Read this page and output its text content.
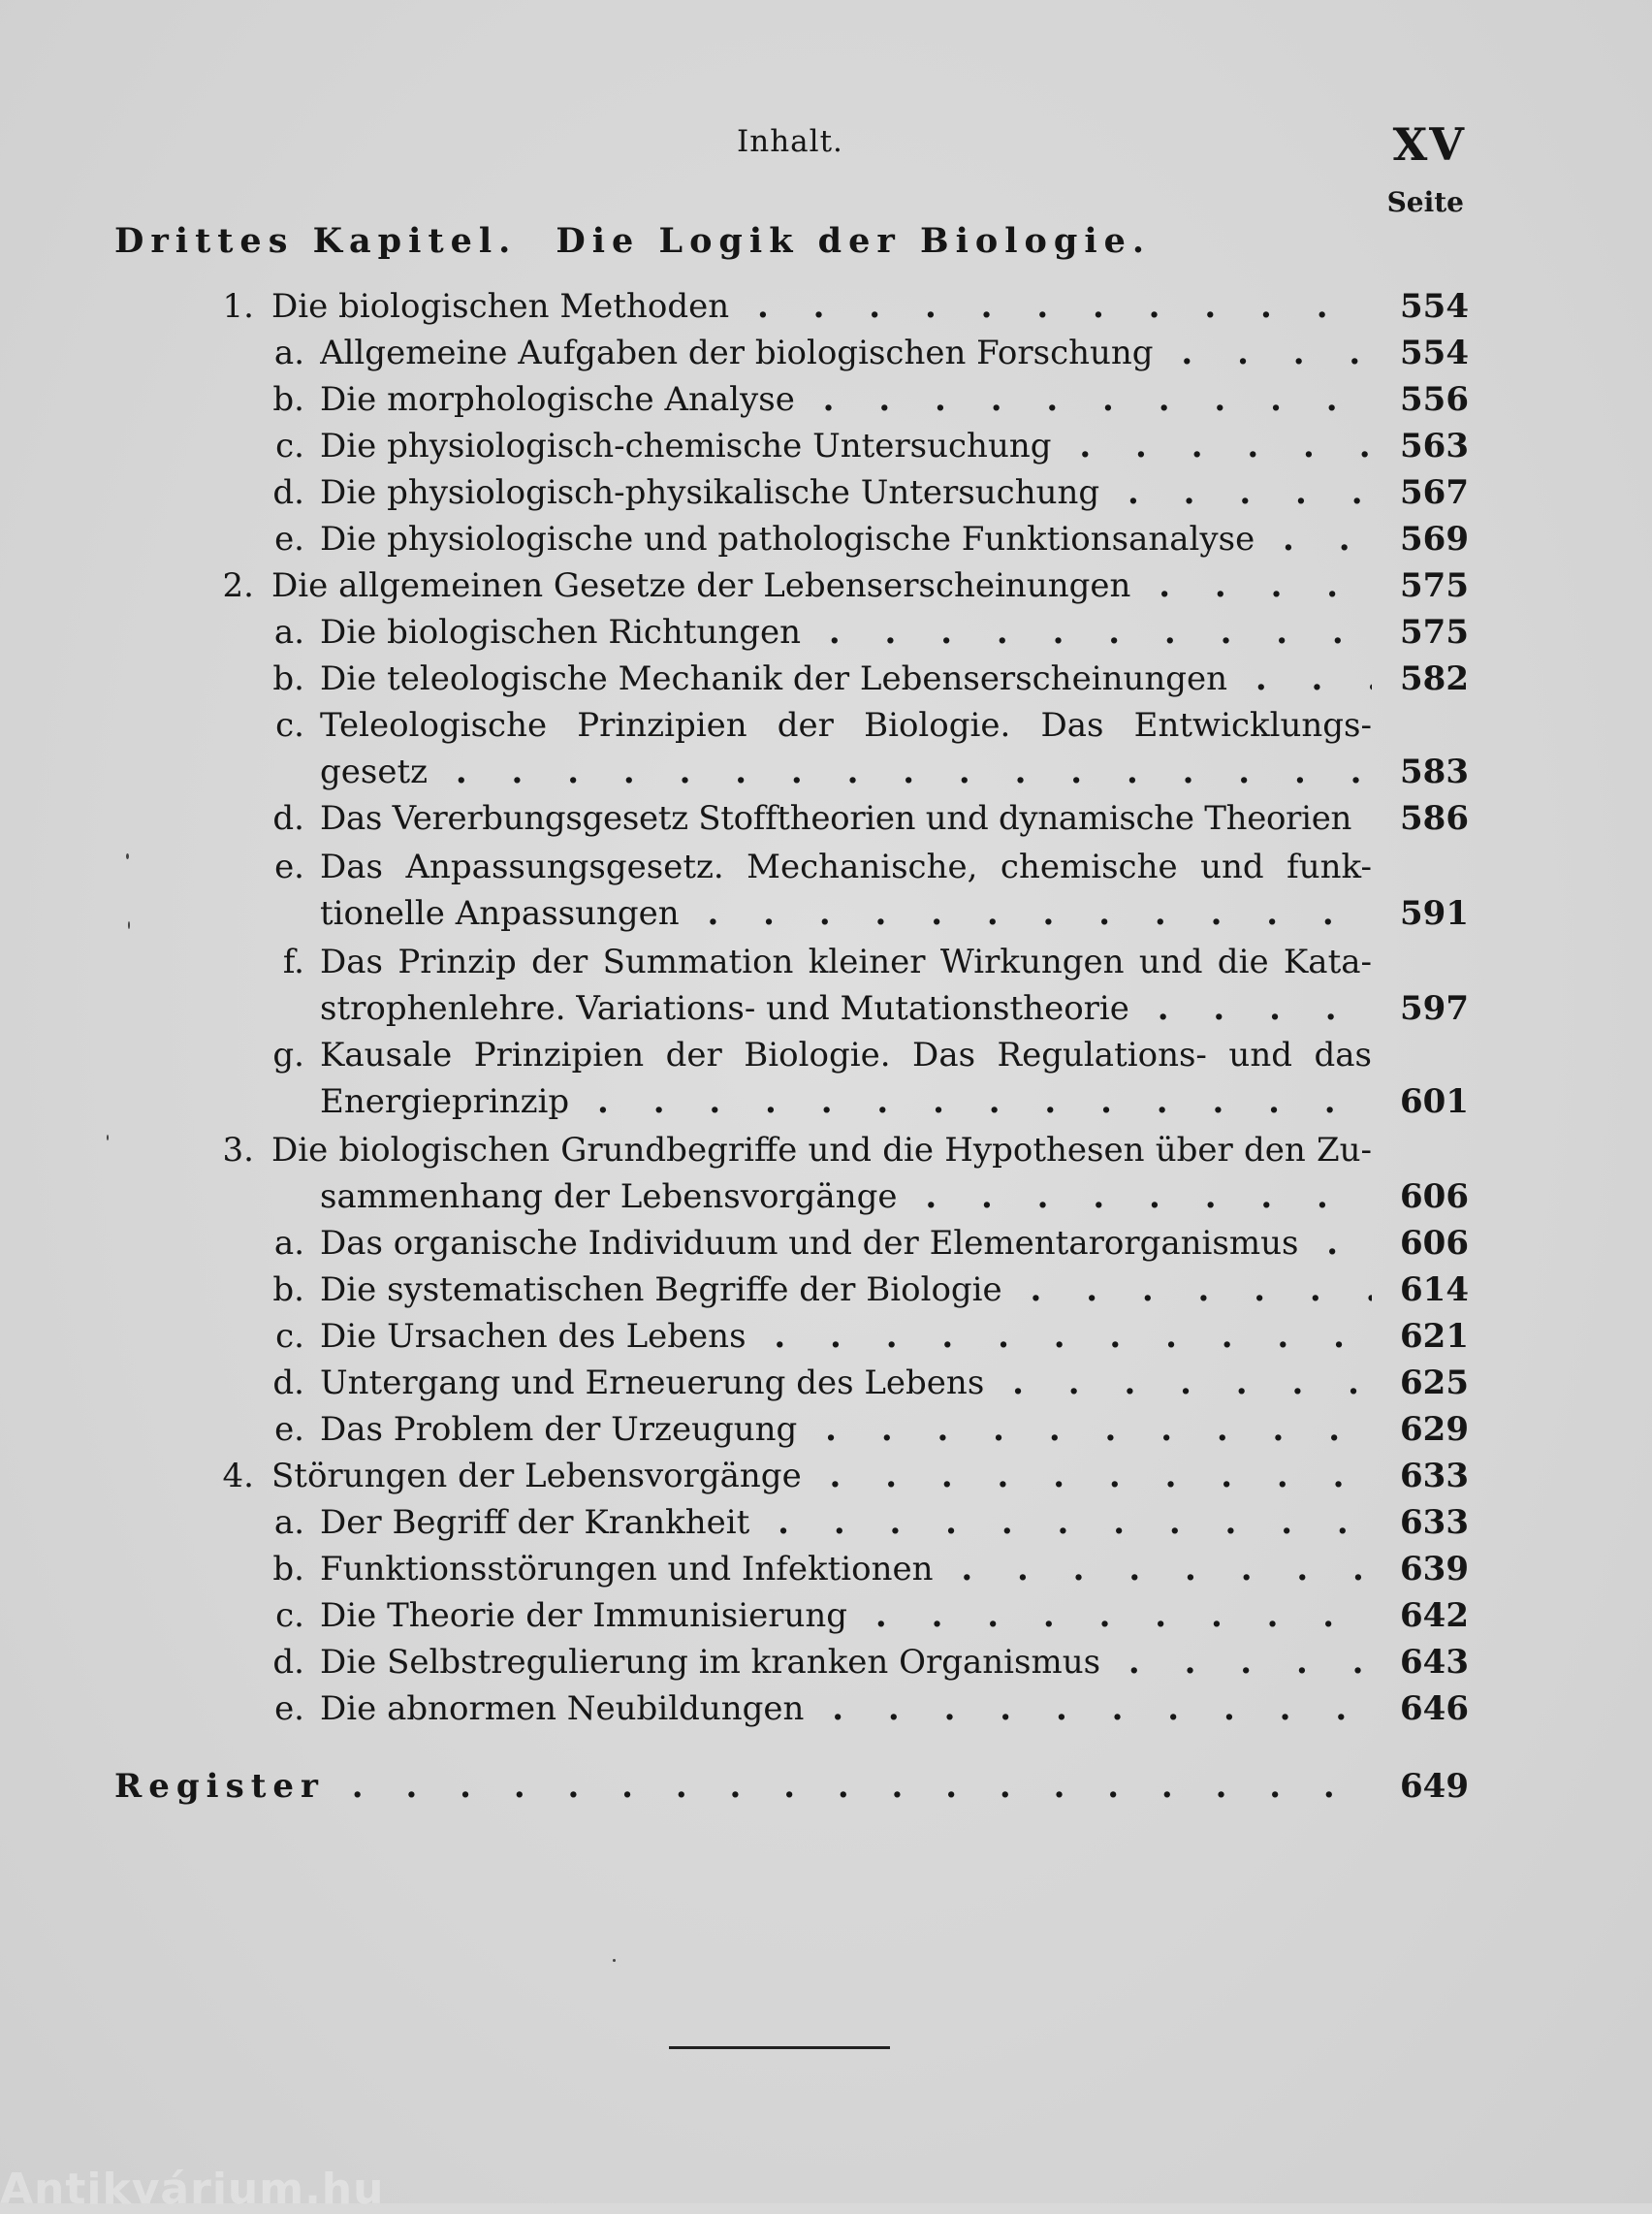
Inhalt.	XV
Seite
Drittes Kapitel. Die Logik der Biologie.
1. Die biologischen Methoden . . .	554
a. Allgemeine Aufgaben der biologischen Forschung . . .	554
b. Die morphologische Analyse . . .	556
c. Die physiologisch-chemische Untersuchung . . .	563
d. Die physiologisch-physikalische Untersuchung . . .	567
e. Die physiologische und pathologische Funktionsanalyse . . .	569
2. Die allgemeinen Gesetze der Lebenserscheinungen . . .	575
a. Die biologischen Richtungen . . .	575
b. Die teleologische Mechanik der Lebenserscheinungen . . .	582
c. Teleologische Prinzipien der Biologie. Das Entwicklungs-
gesetz . . .	583
d. Das Vererbungsgesetz Stofftheorien und dynamische Theorien	586
e. Das Anpassungsgesetz. Mechanische, chemische und funk-
tionelle Anpassungen . . .	591
f. Das Prinzip der Summation kleiner Wirkungen und die Kata-
strophenlehre. Variations- und Mutationstheorie . . .	597
g. Kausale Prinzipien der Biologie. Das Regulations- und das
Energieprinzip . . .	601
3. Die biologischen Grundbegriffe und die Hypothesen über den Zu-
sammenhang der Lebensvorgänge . . .	606
a. Das organische Individuum und der Elementarorganismus . . .	606
b. Die systematischen Begriffe der Biologie . . .	614
c. Die Ursachen des Lebens . . .	621
d. Untergang und Erneuerung des Lebens . . .	625
e. Das Problem der Urzeugung . . .	629
4. Störungen der Lebensvorgänge . . .	633
a. Der Begriff der Krankheit . . .	633
b. Funktionsstörungen und Infektionen . . .	639
c. Die Theorie der Immunisierung . . .	642
d. Die Selbstregulierung im kranken Organismus . . .	643
e. Die abnormen Neubildungen . . .	646
Register . . .	649
Antikvárium.hu
